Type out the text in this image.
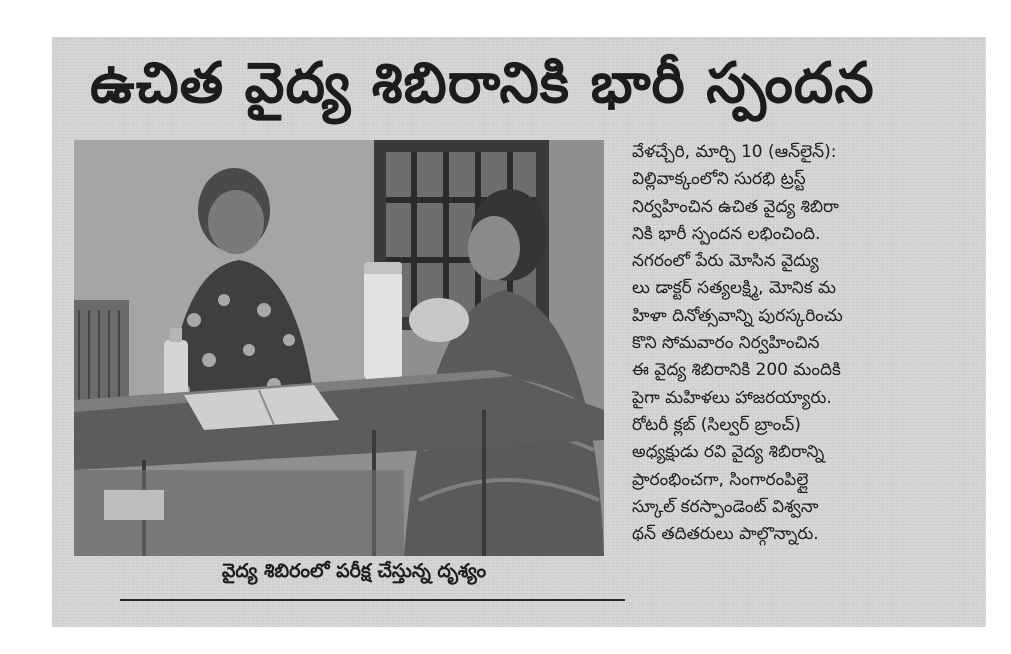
ఉచిత వైద్య శిబిరానికి భారీ స్పందన

వైద్య శిబిరంలో పరీక్ష చేస్తున్న దృశ్యం

వేళచ్చేరి, మార్చి 10 (ఆన్‌లైన్):
విల్లివాక్కంలోని సురభి ట్రస్ట్
నిర్వహించిన ఉచిత వైద్య శిబిరా
నికి భారీ స్పందన లభించింది.
నగరంలో పేరు మోసిన వైద్యు
లు డాక్టర్ సత్యలక్ష్మి, మోనిక మ
హిళా దినోత్సవాన్ని పురస్కరించు
కొని సోమవారం నిర్వహించిన
ఈ వైద్య శిబిరానికి 200 మందికి
పైగా మహిళలు హాజరయ్యారు.
రోటరీ క్లబ్ (సిల్వర్ బ్రాంచ్)
అధ్యక్షుడు రవి వైద్య శిబిరాన్ని
ప్రారంభించగా, సింగారంపిల్లై
స్కూల్ కరస్పాండెంట్ విశ్వనా
థన్ తదితరులు పాల్గొన్నారు.
